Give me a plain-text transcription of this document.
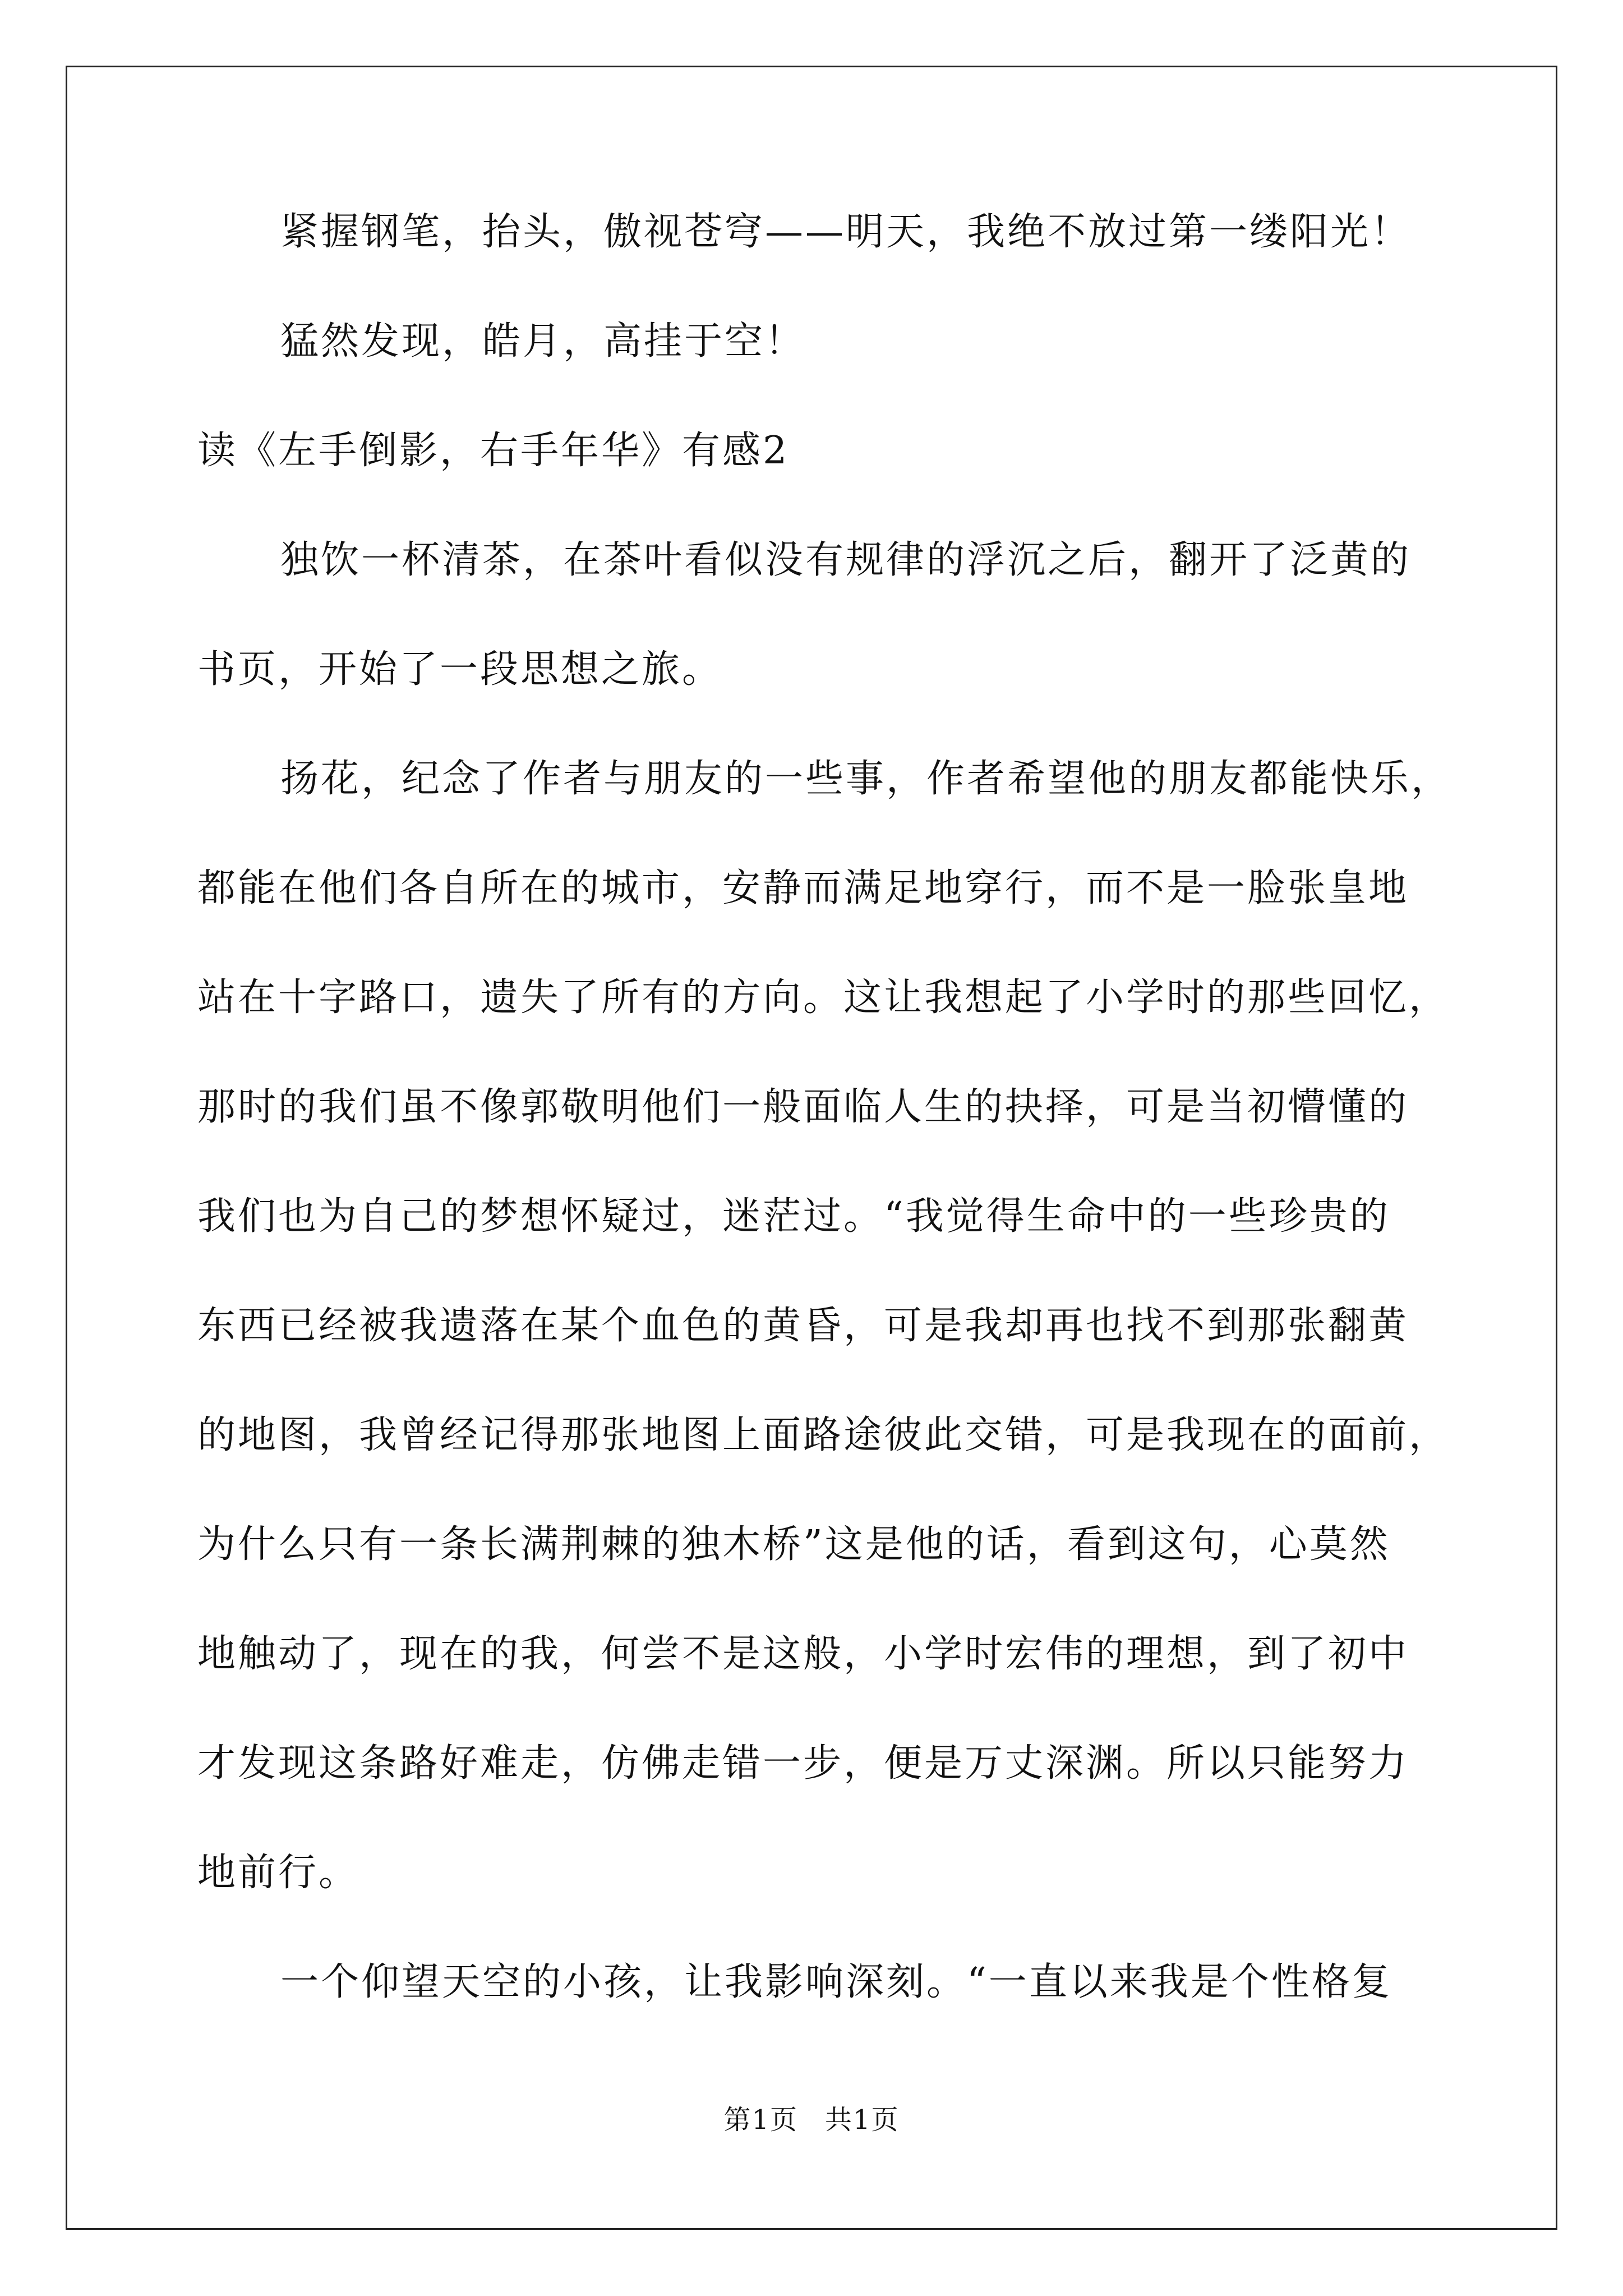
紧握钢笔，抬头，傲视苍穹——明天，我绝不放过第一缕阳光！
猛然发现，皓月，高挂于空！
读《左手倒影，右手年华》有感2
独饮一杯清茶，在茶叶看似没有规律的浮沉之后，翻开了泛黄的
书页，开始了一段思想之旅。
扬花，纪念了作者与朋友的一些事，作者希望他的朋友都能快乐，
都能在他们各自所在的城市，安静而满足地穿行，而不是一脸张皇地
站在十字路口，遗失了所有的方向。这让我想起了小学时的那些回忆，
那时的我们虽不像郭敬明他们一般面临人生的抉择，可是当初懵懂的
我们也为自己的梦想怀疑过，迷茫过。“我觉得生命中的一些珍贵的
东西已经被我遗落在某个血色的黄昏，可是我却再也找不到那张翻黄
的地图，我曾经记得那张地图上面路途彼此交错，可是我现在的面前，
为什么只有一条长满荆棘的独木桥”这是他的话，看到这句，心莫然
地触动了，现在的我，何尝不是这般，小学时宏伟的理想，到了初中
才发现这条路好难走，仿佛走错一步，便是万丈深渊。所以只能努力
地前行。
一个仰望天空的小孩，让我影响深刻。“一直以来我是个性格复
第1页 共1页
